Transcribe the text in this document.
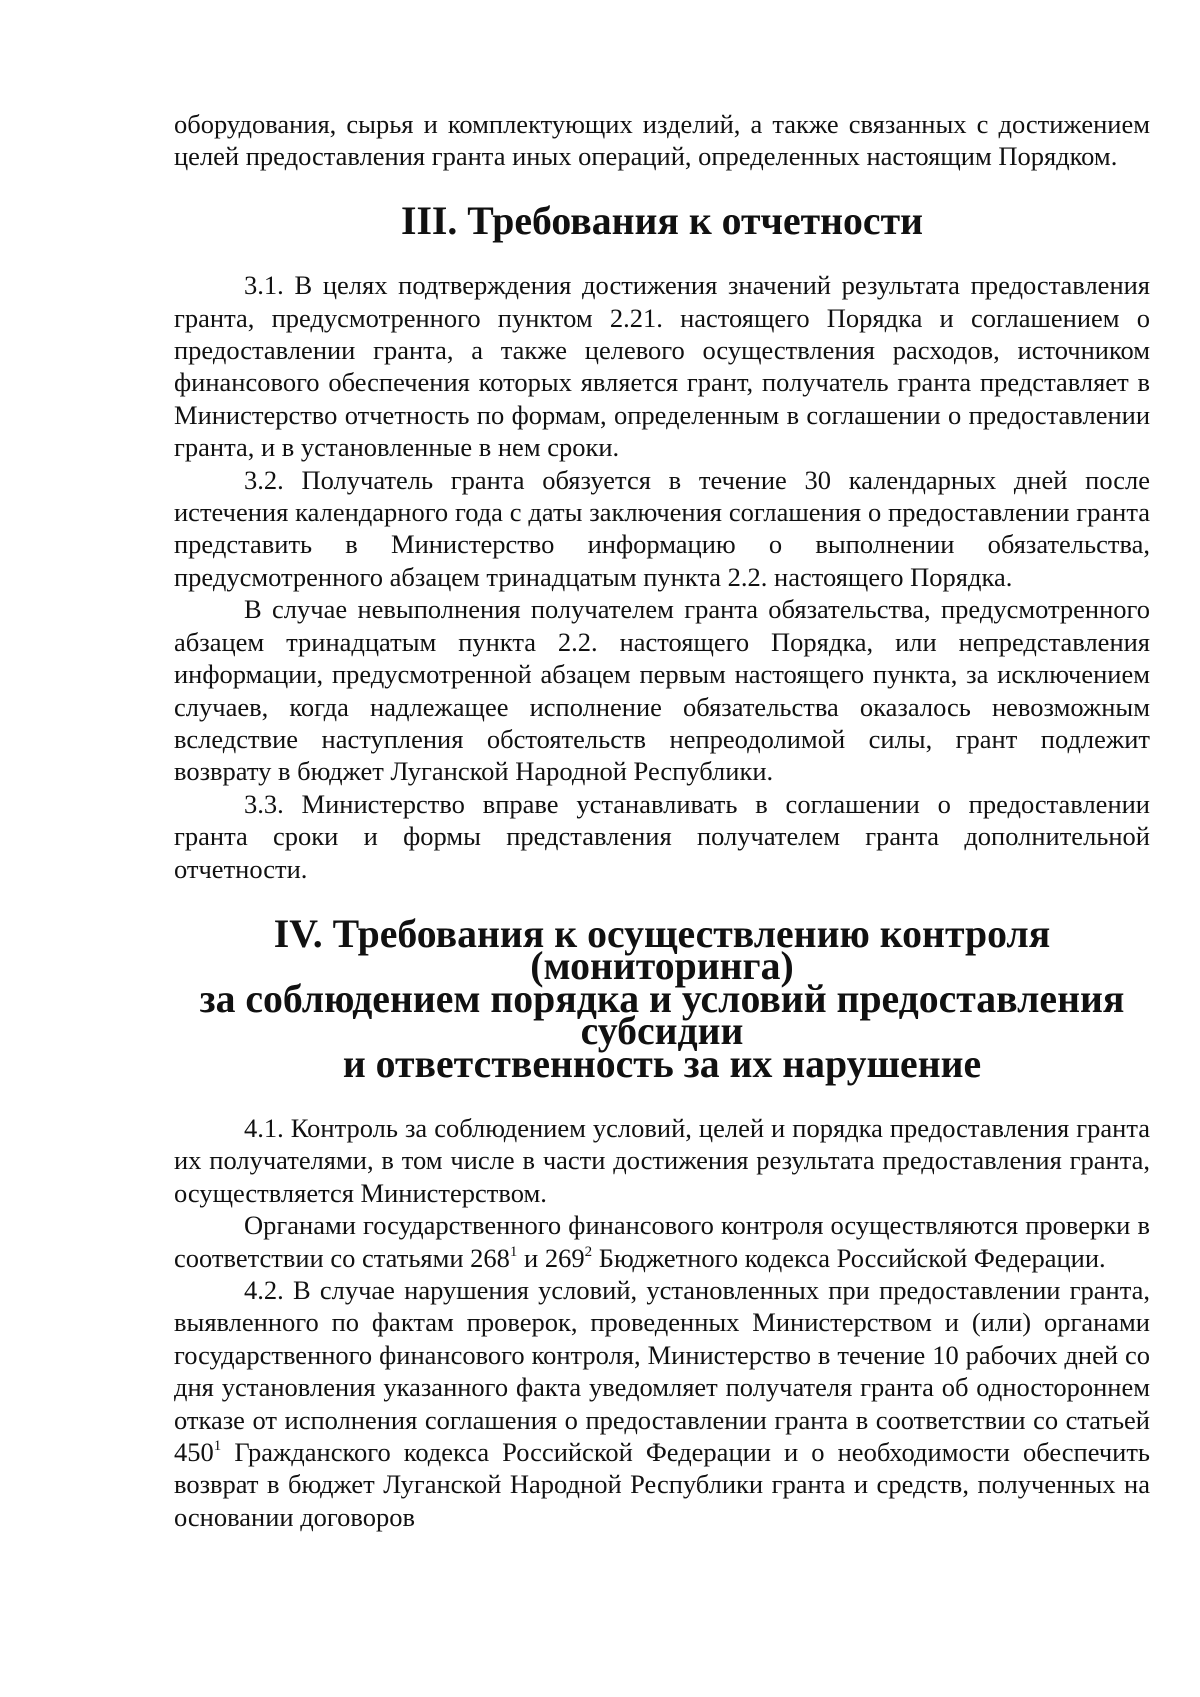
оборудования, сырья и комплектующих изделий, а также связанных с достижением целей предоставления гранта иных операций, определенных настоящим Порядком.

III. Требования к отчетности

3.1. В целях подтверждения достижения значений результата предоставления гранта, предусмотренного пунктом 2.21. настоящего Порядка и соглашением о предоставлении гранта, а также целевого осуществления расходов, источником финансового обеспечения которых является грант, получатель гранта представляет в Министерство отчетность по формам, определенным в соглашении о предоставлении гранта, и в установленные в нем сроки.

3.2. Получатель гранта обязуется в течение 30 календарных дней после истечения календарного года с даты заключения соглашения о предоставлении гранта представить в Министерство информацию о выполнении обязательства, предусмотренного абзацем тринадцатым пункта 2.2. настоящего Порядка.

В случае невыполнения получателем гранта обязательства, предусмотренного абзацем тринадцатым пункта 2.2. настоящего Порядка, или непредставления информации, предусмотренной абзацем первым настоящего пункта, за исключением случаев, когда надлежащее исполнение обязательства оказалось невозможным вследствие наступления обстоятельств непреодолимой силы, грант подлежит возврату в бюджет Луганской Народной Республики.

3.3. Министерство вправе устанавливать в соглашении о предоставлении гранта сроки и формы представления получателем гранта дополнительной отчетности.

IV. Требования к осуществлению контроля (мониторинга)
за соблюдением порядка и условий предоставления субсидии
и ответственность за их нарушение

4.1. Контроль за соблюдением условий, целей и порядка предоставления гранта их получателями, в том числе в части достижения результата предоставления гранта, осуществляется Министерством.

Органами государственного финансового контроля осуществляются проверки в соответствии со статьями $268^1$ и $269^2$ Бюджетного кодекса Российской Федерации.

4.2. В случае нарушения условий, установленных при предоставлении гранта, выявленного по фактам проверок, проведенных Министерством и (или) органами государственного финансового контроля, Министерство в течение 10 рабочих дней со дня установления указанного факта уведомляет получателя гранта об одностороннем отказе от исполнения соглашения о предоставлении гранта в соответствии со статьей $450^1$ Гражданского кодекса Российской Федерации и о необходимости обеспечить возврат в бюджет Луганской Народной Республики гранта и средств, полученных на основании договоров
